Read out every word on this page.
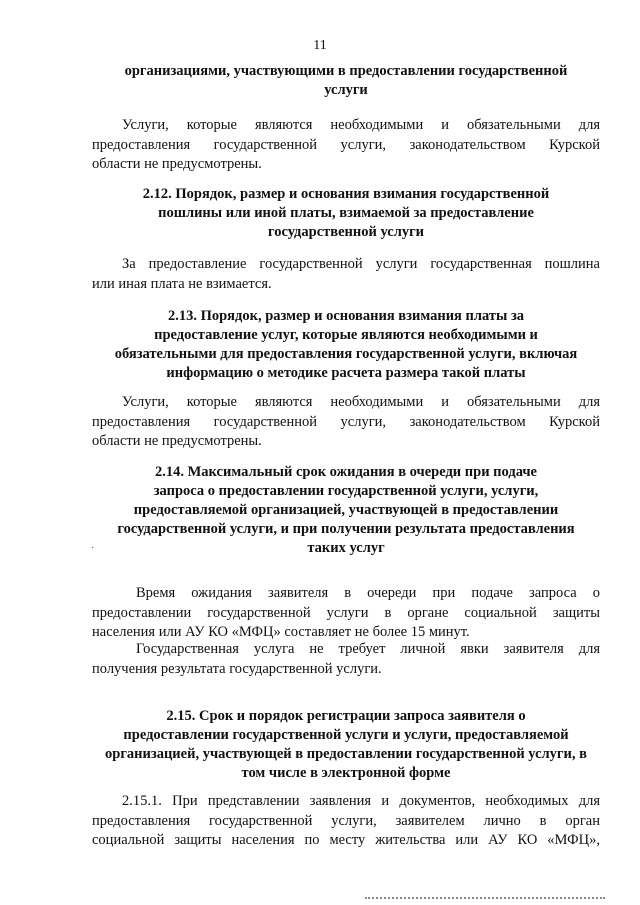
11
организациями, участвующими в предоставлении государственной
услуги
Услуги, которые являются необходимыми и обязательными для
предоставления государственной услуги, законодательством Курской
области не предусмотрены.
2.12. Порядок, размер и основания взимания государственной
пошлины или иной платы, взимаемой за предоставление
государственной услуги
За предоставление государственной услуги государственная пошлина
или иная плата не взимается.
2.13. Порядок, размер и основания взимания платы за
предоставление услуг, которые являются необходимыми и
обязательными для предоставления государственной услуги, включая
информацию о методике расчета размера такой платы
Услуги, которые являются необходимыми и обязательными для
предоставления государственной услуги, законодательством Курской
области не предусмотрены.
2.14. Максимальный срок ожидания в очереди при подаче
запроса о предоставлении государственной услуги, услуги,
предоставляемой организацией, участвующей в предоставлении
государственной услуги, и при получении результата предоставления
таких услуг
˙
Время ожидания заявителя в очереди при подаче запроса о
предоставлении государственной услуги в органе социальной защиты
населения или АУ КО «МФЦ» составляет не более 15 минут.
Государственная услуга не требует личной явки заявителя для
получения результата государственной услуги.
2.15. Срок и порядок регистрации запроса заявителя о
предоставлении государственной услуги и услуги, предоставляемой
организацией, участвующей в предоставлении государственной услуги, в
том числе в электронной форме
2.15.1. При представлении заявления и документов, необходимых для
предоставления государственной услуги, заявителем лично в орган
социальной защиты населения по месту жительства или АУ КО «МФЦ»,
